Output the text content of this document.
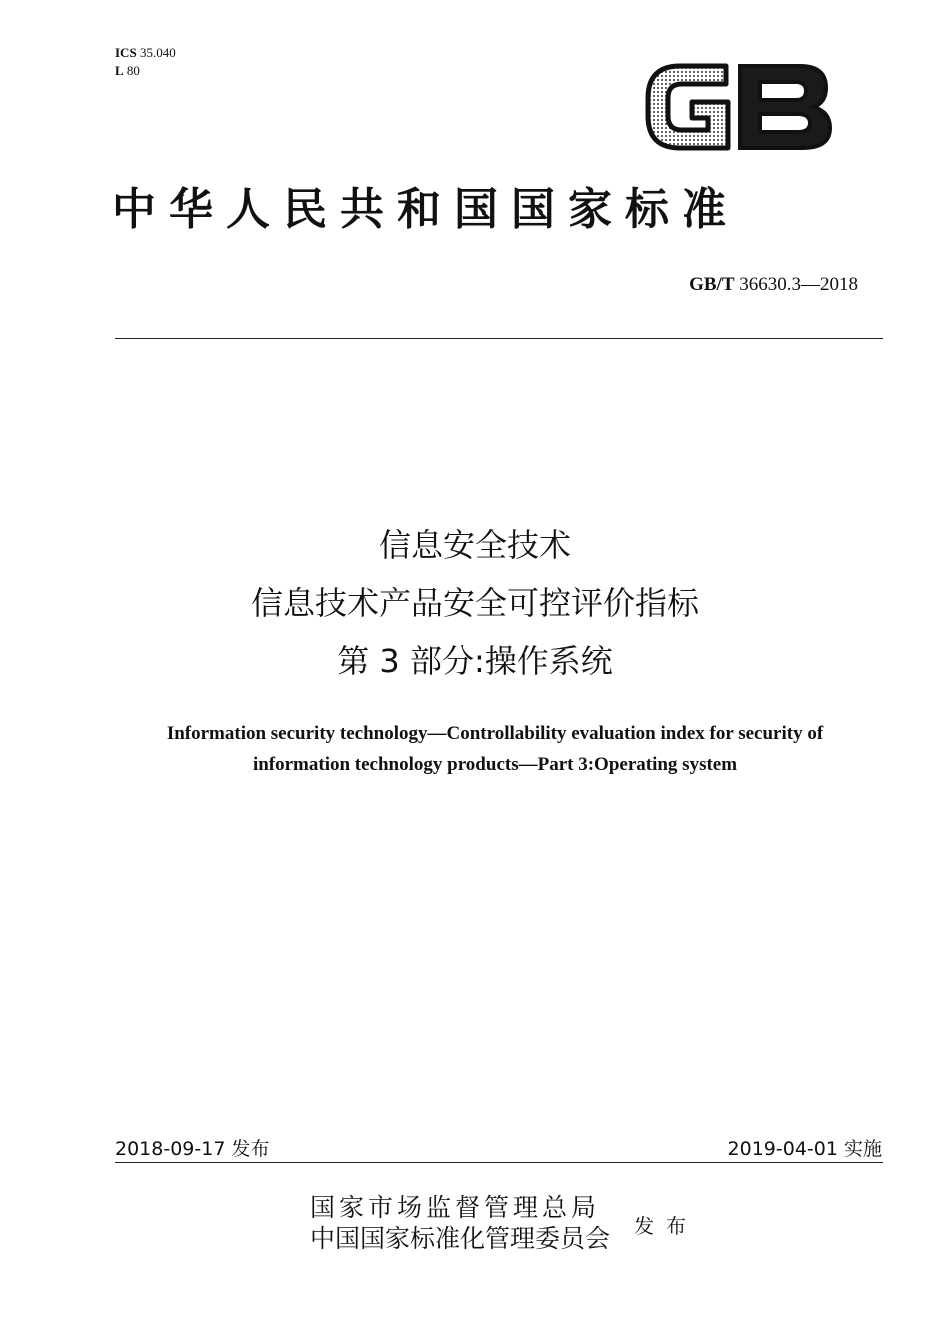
ICS 35.040
L 80
中华人民共和国国家标准
GB/T 36630.3—2018
信息安全技术
信息技术产品安全可控评价指标
第 3 部分:操作系统
Information security technology—Controllability evaluation index for security of
information technology products—Part 3:Operating system
2018-09-17 发布	2019-04-01 实施
国家市场监督管理总局
中国国家标准化管理委员会 发布
